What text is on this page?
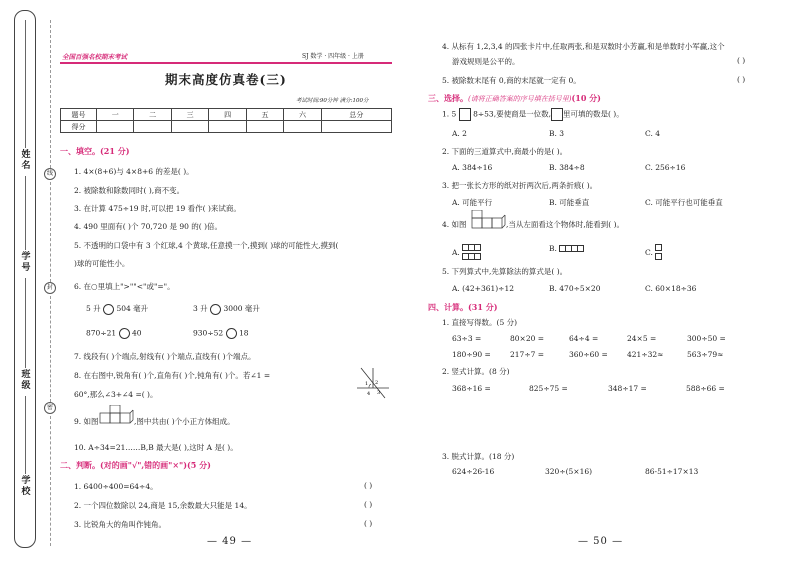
姓名
学号
班级
学校
线
封
密
全国百强名校期末考试	SJ 数学 · 四年级 · 上册
期末高度仿真卷(三)
考试时间:90分钟 满分:100分
题号	一	二	三	四	五	六	总分
得分							
一、填空。(21 分)
1. 4×(8+6)与 4×8+6 的差是( )。
2. 被除数和除数同时( ),商不变。
3. 在计算 475÷19 时,可以把 19 看作( )来试商。
4. 490 里面有( )个 70,720 是 90 的( )倍。
5. 不透明的口袋中有 3 个红球,4 个黄球,任意摸一个,摸到( )球的可能性大,摸到(
)球的可能性小。
6. 在○里填上">""<"或"="。
5 升 504 毫升	3 升 3000 毫升
870÷21 40	930÷52 18
7. 线段有( )个端点,射线有( )个端点,直线有( )个端点。
8. 在右图中,锐角有( )个,直角有( )个,钝角有( )个。若∠1 =
60°,那么∠3+∠4 =( )。
1 2
3
4
9. 如图	,图中共由( )个小正方体组成。
10. A÷34=21……B,B 最大是( ),这时 A 是( )。
二、判断。(对的画"√",错的画"×")(5 分)
1. 6400÷400=64÷4。	( )
2. 一个四位数除以 24,商是 15,余数最大只能是 14。	( )
3. 比锐角大的角叫作钝角。	( )
— 49 —
4. 从标有 1,2,3,4 的四张卡片中,任取两张,和是双数时小芳赢,和是单数时小军赢,这个
游戏规则是公平的。	( )
5. 被除数末尾有 0,商的末尾就一定有 0。	( )
三、选择。(请将正确答案的序号填在括号里)(10 分)
1. 5 8÷53,要使商是一位数, 里可填的数是( )。
A. 2	B. 3	C. 4
2. 下面的三道算式中,商最小的是( )。
A. 384÷16	B. 384÷8	C. 256÷16
3. 把一张长方形的纸对折两次后,两条折痕( )。
A. 可能平行	B. 可能垂直	C. 可能平行也可能垂直
4. 如图	,当从左面看这个物体时,能看到( )。
A.	B.	C.

5. 下列算式中,先算除法的算式是( )。
A. (42+361)÷12	B. 470÷5×20	C. 60×18÷36
四、计算。(31 分)
1. 直接写得数。(5 分)
63÷3 =	80×20 =	64÷4 =	24×5 =	300÷50 =
180÷90 =	217÷7 =	360÷60 =	421÷32≈	563÷79≈
2. 竖式计算。(8 分)
368÷16 =	825÷75 =	348÷17 =	588÷66 =
3. 脱式计算。(18 分)
624÷26-16	320÷(5×16)	86-51÷17×13
— 50 —
